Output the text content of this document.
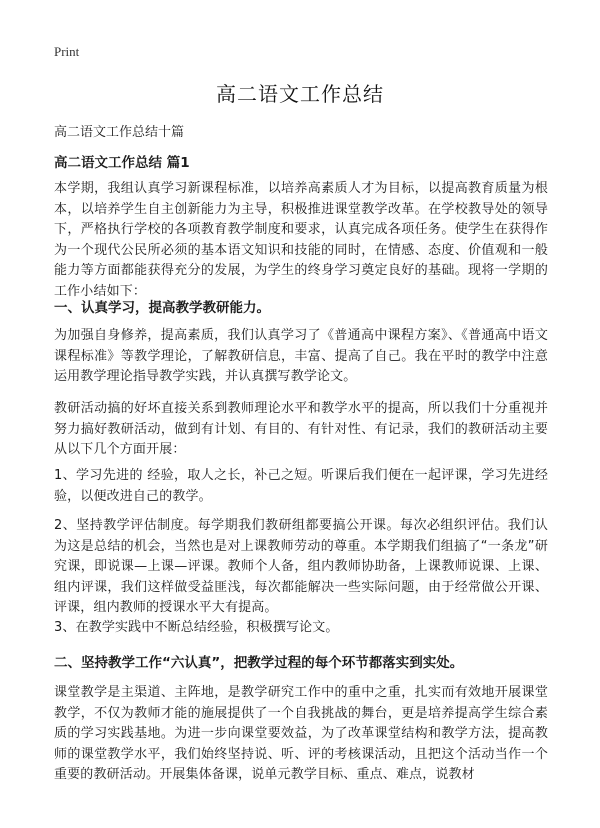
Print
高二语文工作总结

高二语文工作总结十篇

高二语文工作总结 篇1

本学期，我组认真学习新课程标准，以培养高素质人才为目标，以提高教育质量为根本，以培养学生自主创新能力为主导，积极推进课堂教学改革。在学校教导处的领导下，严格执行学校的各项教育教学制度和要求，认真完成各项任务。使学生在获得作为一个现代公民所必须的基本语文知识和技能的同时，在情感、态度、价值观和一般能力等方面都能获得充分的发展，为学生的终身学习奠定良好的基础。现将一学期的工作小结如下：

一、认真学习，提高教学教研能力。

为加强自身修养，提高素质，我们认真学习了《普通高中课程方案》、《普通高中语文课程标准》等教学理论，了解教研信息，丰富、提高了自己。我在平时的教学中注意运用教学理论指导教学实践，并认真撰写教学论文。

教研活动搞的好坏直接关系到教师理论水平和教学水平的提高，所以我们十分重视并努力搞好教研活动，做到有计划、有目的、有针对性、有记录，我们的教研活动主要从以下几个方面开展：

1、学习先进的 经验，取人之长，补己之短。听课后我们便在一起评课，学习先进经验，以便改进自己的教学。

2、坚持教学评估制度。每学期我们教研组都要搞公开课。每次必组织评估。我们认为这是总结的机会，当然也是对上课教师劳动的尊重。本学期我们组搞了“一条龙”研究课，即说课—上课—评课。教师个人备，组内教师协助备，上课教师说课、上课、组内评课，我们这样做受益匪浅，每次都能解决一些实际问题，由于经常做公开课、评课，组内教师的授课水平大有提高。

3、在教学实践中不断总结经验，积极撰写论文。

二、坚持教学工作“六认真”，把教学过程的每个环节都落实到实处。

课堂教学是主渠道、主阵地，是教学研究工作中的重中之重，扎实而有效地开展课堂教学，不仅为教师才能的施展提供了一个自我挑战的舞台，更是培养提高学生综合素质的学习实践基地。为进一步向课堂要效益，为了改革课堂结构和教学方法，提高教师的课堂教学水平，我们始终坚持说、听、评的考核课活动，且把这个活动当作一个重要的教研活动。开展集体备课，说单元教学目标、重点、难点，说教材
